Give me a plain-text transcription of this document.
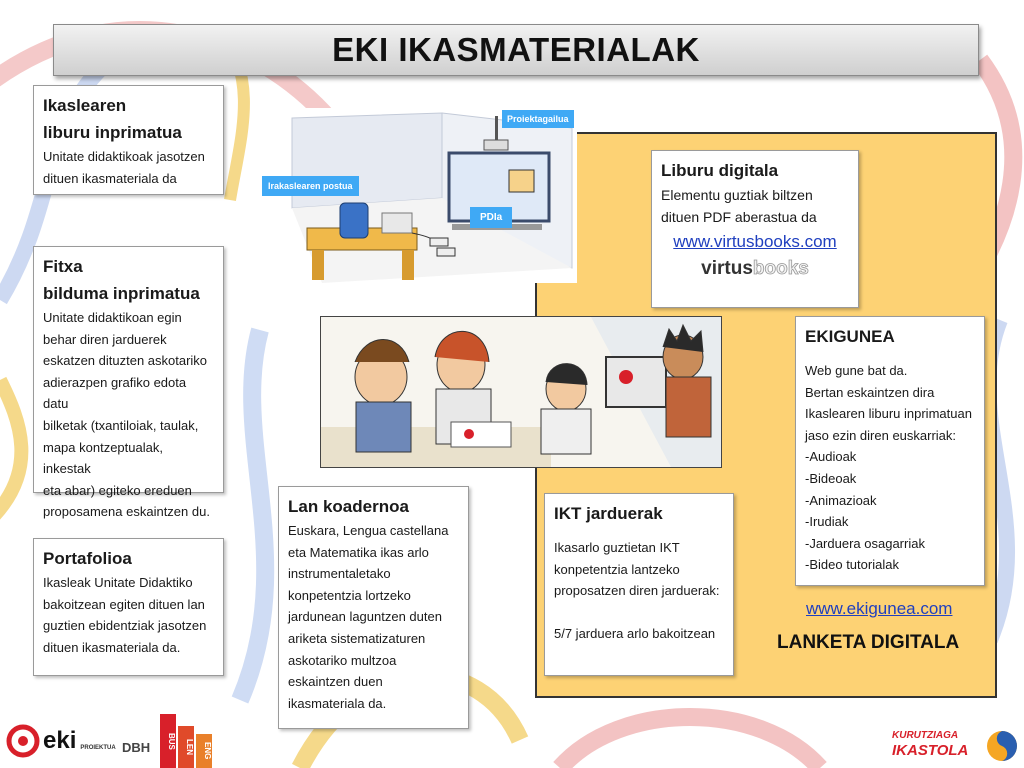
EKI IKASMATERIALAK
Ikaslearen
liburu inprimatua
Unitate didaktikoak jasotzen
dituen ikasmateriala da
Fitxa
bilduma inprimatua
Unitate didaktikoan egin
behar diren jarduerek
eskatzen dituzten askotariko
adierazpen grafiko edota datu
bilketak (txantiloiak, taulak,
mapa kontzeptualak, inkestak
eta abar) egiteko ereduen
proposamena eskaintzen du.
Portafolioa
Ikasleak Unitate Didaktiko
bakoitzean egiten dituen lan
guztien ebidentziak jasotzen
dituen ikasmateriala da.
Lan koadernoa
Euskara, Lengua castellana
eta Matematika ikas arlo
instrumentaletako
konpetentzia lortzeko
jardunean laguntzen duten
ariketa sistematizaturen
askotariko multzoa
eskaintzen duen
ikasmateriala da.
Liburu digitala
Elementu guztiak biltzen
dituen PDF aberastua da
www.virtusbooks.com
virtusbooks
EKIGUNEA
Web gune bat da.
Bertan eskaintzen dira
Ikaslearen liburu inprimatuan
jaso ezin diren euskarriak:
-Audioak
-Bideoak
-Animazioak
-Irudiak
-Jarduera osagarriak
-Bideo tutorialak
IKT jarduerak
Ikasarlo guztietan IKT
konpetentzia lantzeko
proposatzen diren jarduerak:

5/7 jarduera arlo bakoitzean
www.ekigunea.com
LANKETA DIGITALA
Proiektagailua
Irakaslearen postua
PDIa
eki PROIEKTUA DBH	BUS	LEN	ENG
KURUTZIAGA
IKASTOLA
